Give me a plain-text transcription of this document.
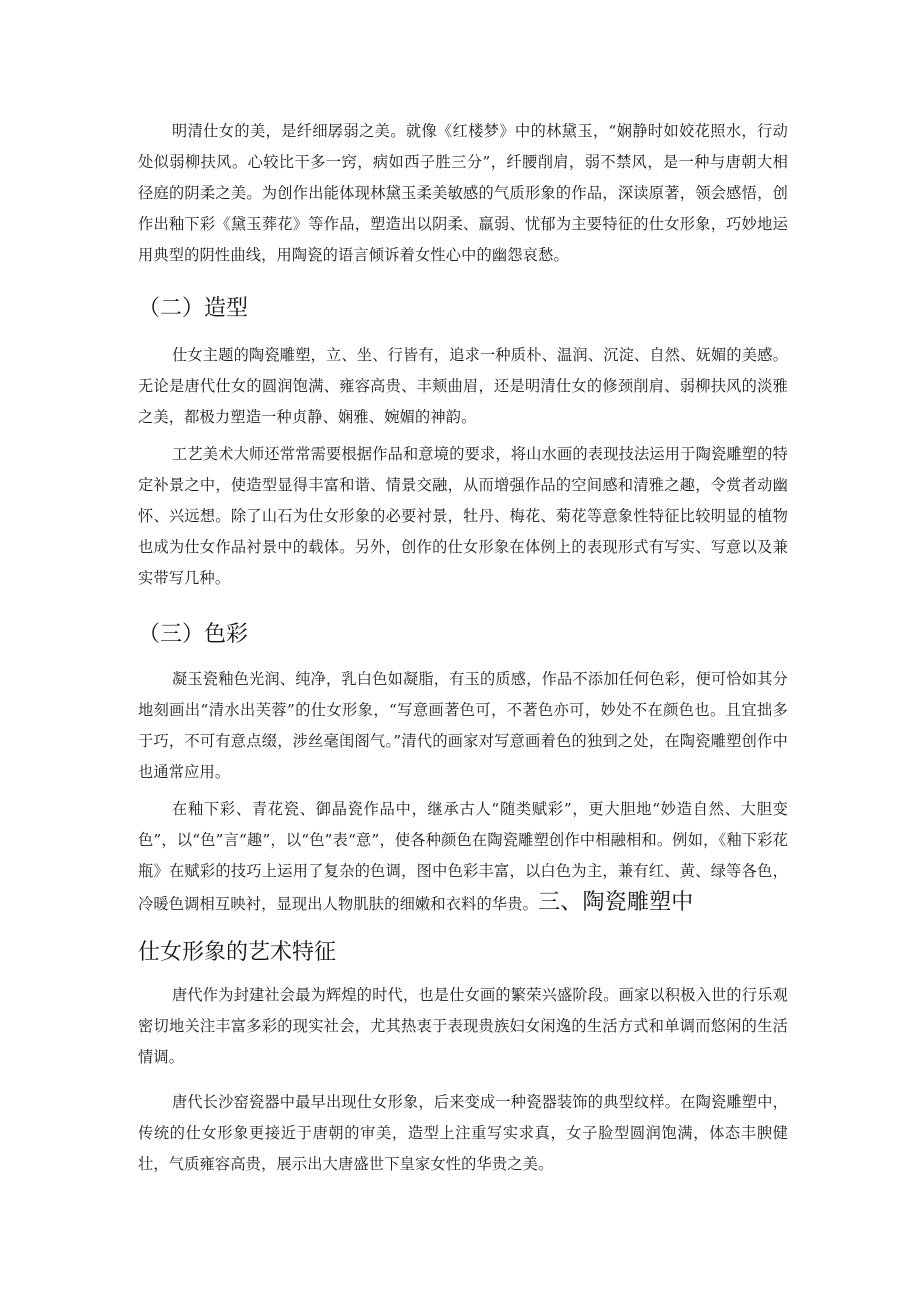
明清仕女的美，是纤细孱弱之美。就像《红楼梦》中的林黛玉，“娴静时如姣花照水，行动处似弱柳扶风。心较比干多一窍，病如西子胜三分”，纤腰削肩，弱不禁风，是一种与唐朝大相径庭的阴柔之美。为创作出能体现林黛玉柔美敏感的气质形象的作品，深读原著，领会感悟，创作出釉下彩《黛玉葬花》等作品，塑造出以阴柔、羸弱、忧郁为主要特征的仕女形象，巧妙地运用典型的阴性曲线，用陶瓷的语言倾诉着女性心中的幽怨哀愁。

（二）造型

仕女主题的陶瓷雕塑，立、坐、行皆有，追求一种质朴、温润、沉淀、自然、妩媚的美感。无论是唐代仕女的圆润饱满、雍容高贵、丰颊曲眉，还是明清仕女的修颈削肩、弱柳扶风的淡雅之美，都极力塑造一种贞静、娴雅、婉媚的神韵。

工艺美术大师还常常需要根据作品和意境的要求，将山水画的表现技法运用于陶瓷雕塑的特定补景之中，使造型显得丰富和谐、情景交融，从而增强作品的空间感和清雅之趣，令赏者动幽怀、兴远想。除了山石为仕女形象的必要衬景，牡丹、梅花、菊花等意象性特征比较明显的植物也成为仕女作品衬景中的载体。另外，创作的仕女形象在体例上的表现形式有写实、写意以及兼实带写几种。

（三）色彩

凝玉瓷釉色光润、纯净，乳白色如凝脂，有玉的质感，作品不添加任何色彩，便可恰如其分地刻画出“清水出芙蓉”的仕女形象，“写意画著色可，不著色亦可，妙处不在颜色也。且宜拙多于巧，不可有意点缀，涉丝毫闺阁气。”清代的画家对写意画着色的独到之处，在陶瓷雕塑创作中也通常应用。

在釉下彩、青花瓷、御晶瓷作品中，继承古人“随类赋彩”，更大胆地“妙造自然、大胆变色”，以“色”言“趣”，以“色”表“意”，使各种颜色在陶瓷雕塑创作中相融相和。例如，《釉下彩花瓶》在赋彩的技巧上运用了复杂的色调，图中色彩丰富，以白色为主，兼有红、黄、绿等各色，冷暖色调相互映衬，显现出人物肌肤的细嫩和衣料的华贵。三、陶瓷雕塑中

仕女形象的艺术特征

唐代作为封建社会最为辉煌的时代，也是仕女画的繁荣兴盛阶段。画家以积极入世的行乐观密切地关注丰富多彩的现实社会，尤其热衷于表现贵族妇女闲逸的生活方式和单调而悠闲的生活情调。

唐代长沙窑瓷器中最早出现仕女形象，后来变成一种瓷器装饰的典型纹样。在陶瓷雕塑中，传统的仕女形象更接近于唐朝的审美，造型上注重写实求真，女子脸型圆润饱满，体态丰腴健壮，气质雍容高贵，展示出大唐盛世下皇家女性的华贵之美。
